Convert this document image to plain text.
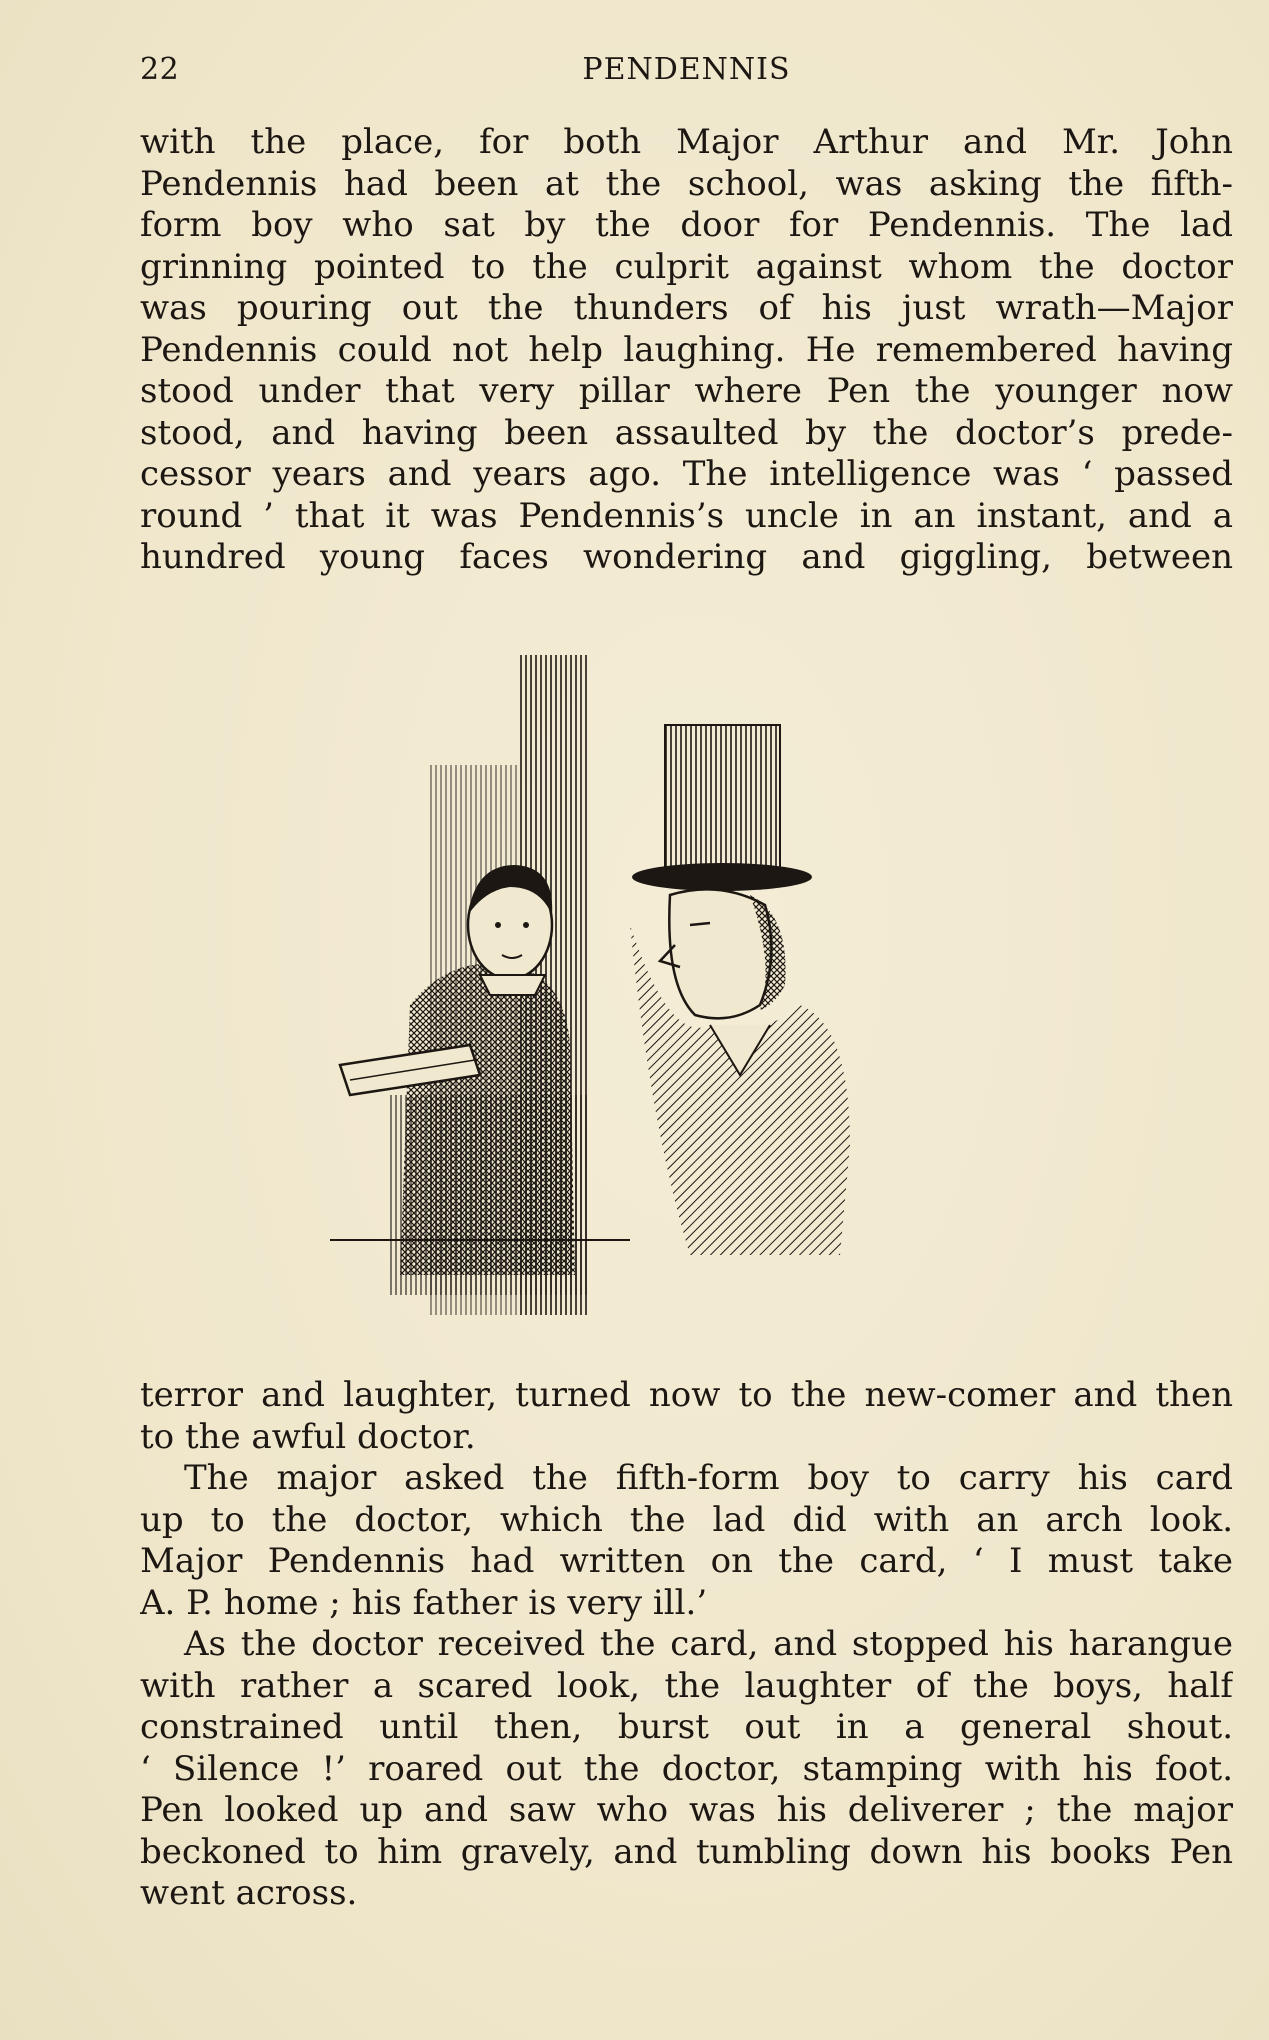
22	PENDENNIS
with the place, for both Major Arthur and Mr. John
Pendennis had been at the school, was asking the fifth-
form boy who sat by the door for Pendennis. The lad
grinning pointed to the culprit against whom the doctor
was pouring out the thunders of his just wrath—Major
Pendennis could not help laughing. He remembered having
stood under that very pillar where Pen the younger now
stood, and having been assaulted by the doctor’s prede-
cessor years and years ago. The intelligence was ‘ passed
round ’ that it was Pendennis’s uncle in an instant, and a
hundred young faces wondering and giggling, between
terror and laughter, turned now to the new-comer and then
to the awful doctor.
The major asked the fifth-form boy to carry his card
up to the doctor, which the lad did with an arch look.
Major Pendennis had written on the card, ‘ I must take
A. P. home ; his father is very ill.’
As the doctor received the card, and stopped his harangue
with rather a scared look, the laughter of the boys, half
constrained until then, burst out in a general shout.
‘ Silence !’ roared out the doctor, stamping with his foot.
Pen looked up and saw who was his deliverer ; the major
beckoned to him gravely, and tumbling down his books Pen
went across.
